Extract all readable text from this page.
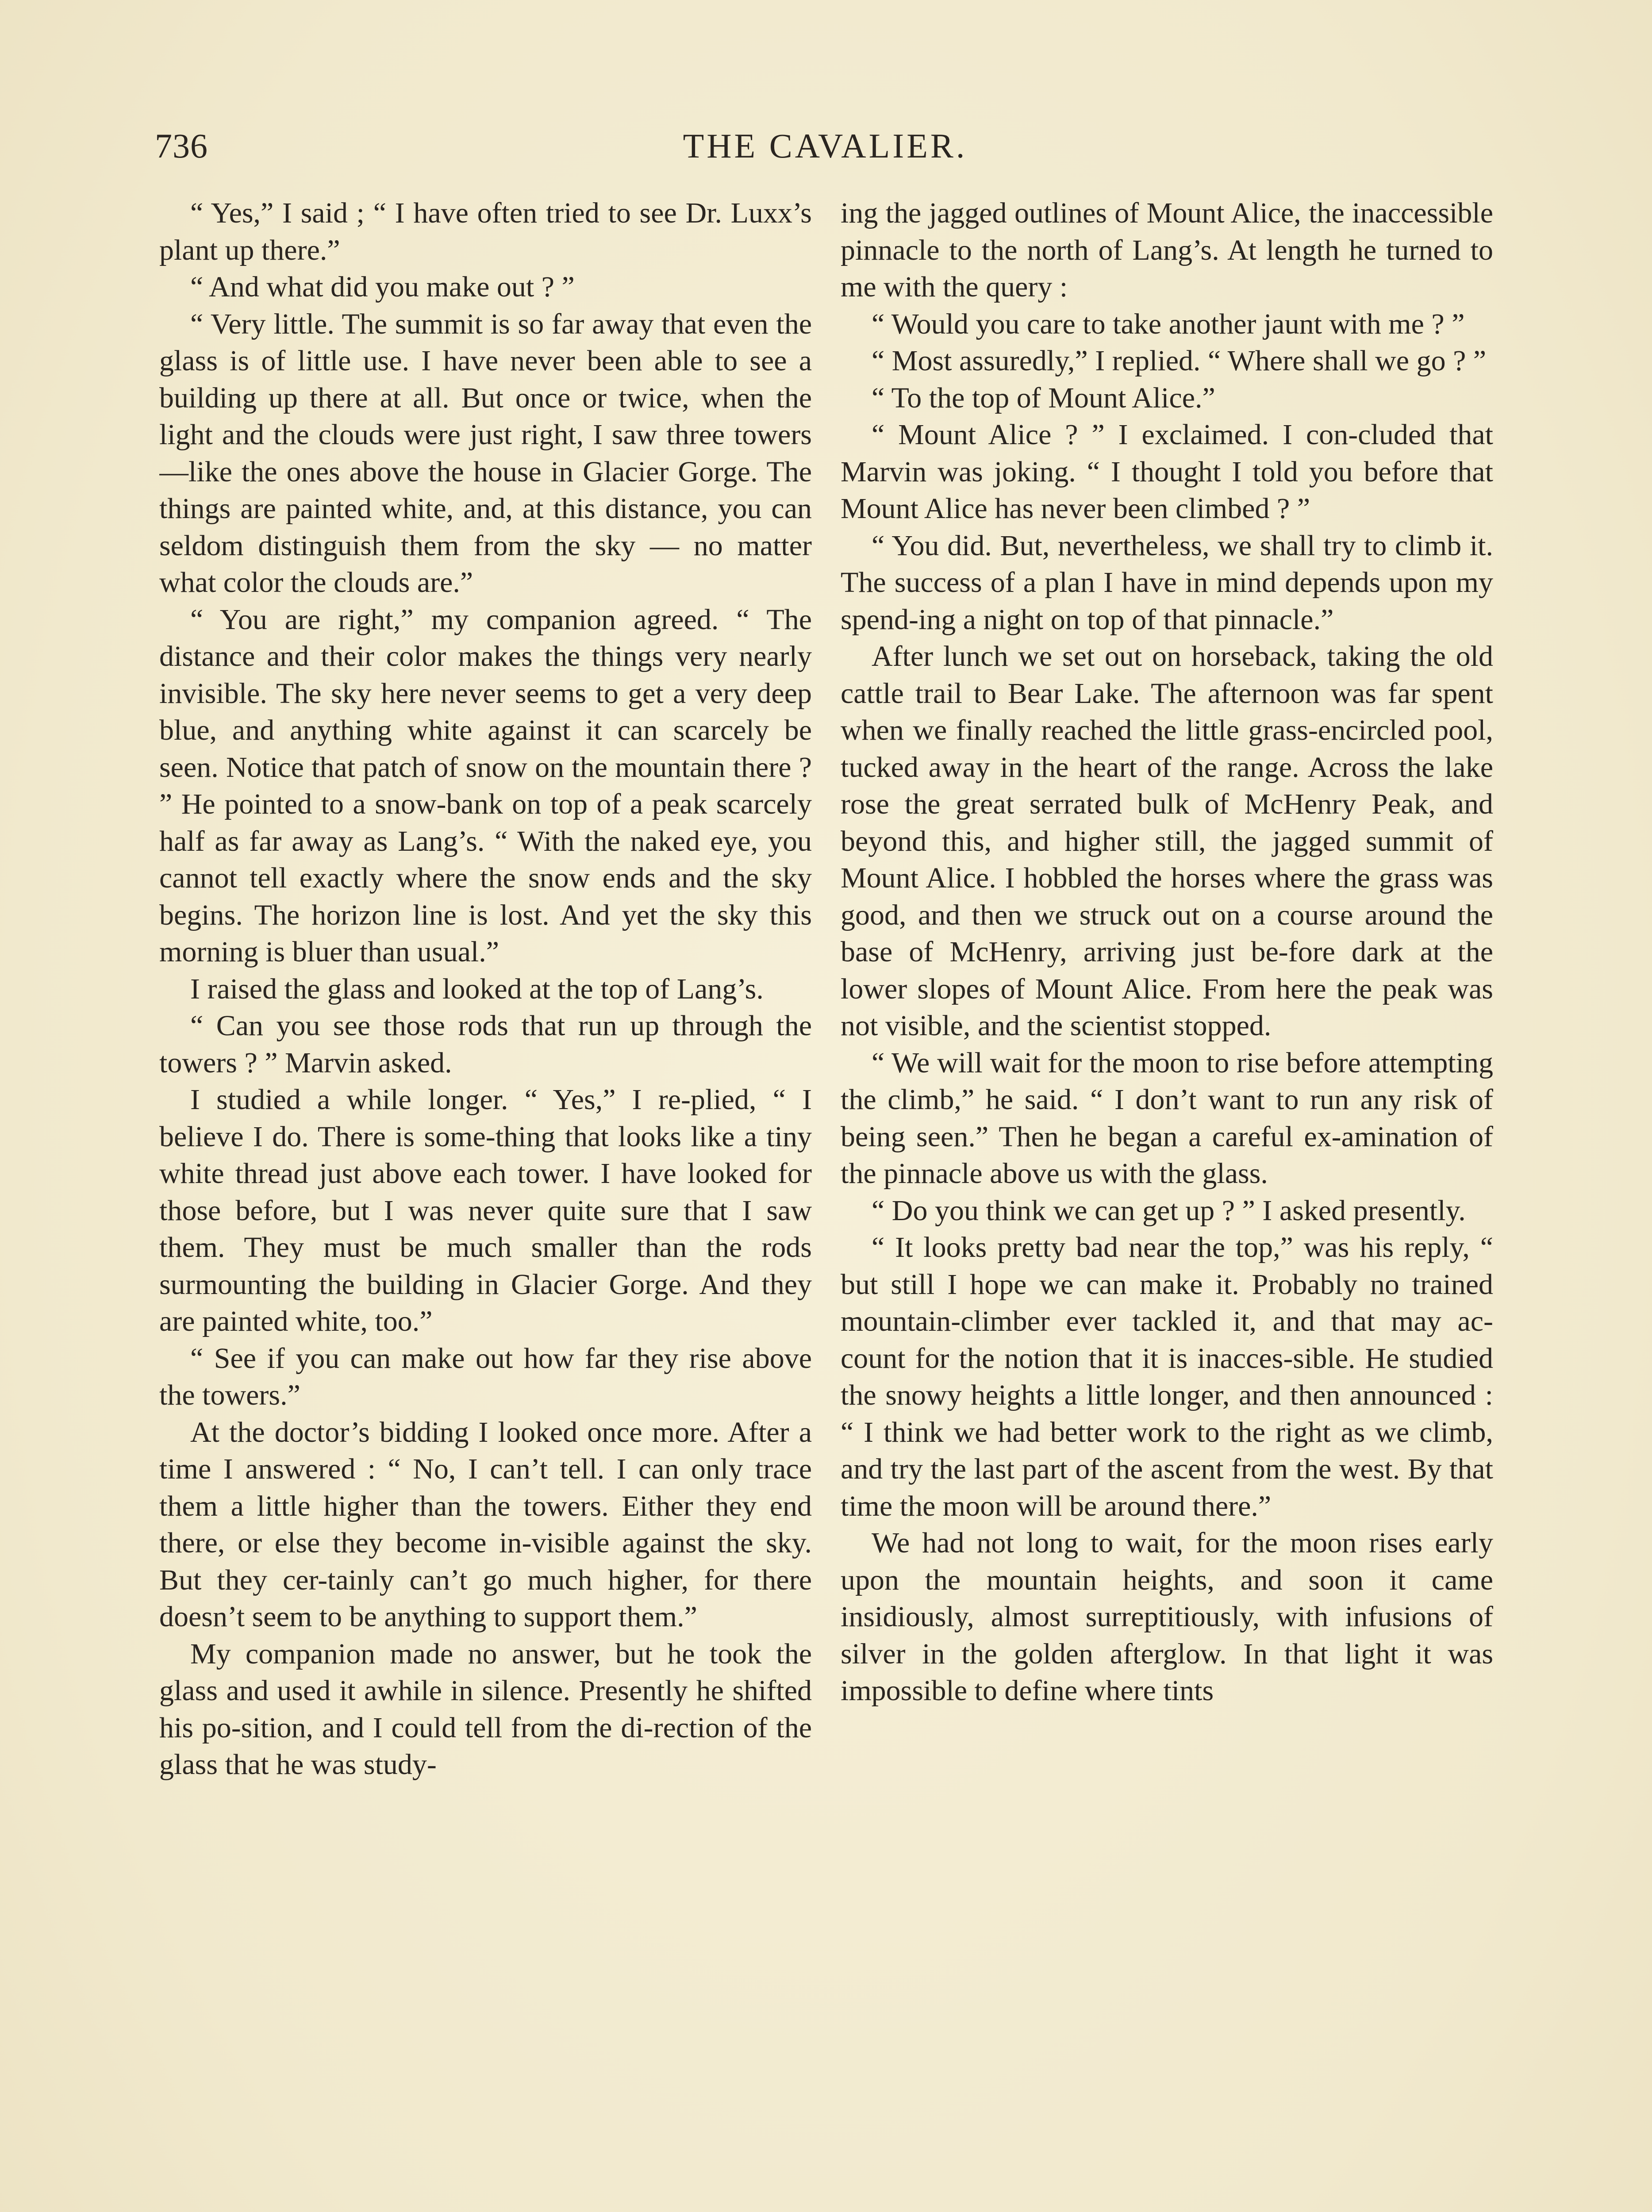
736	THE CAVALIER.

“ Yes,” I said ; “ I have often tried to see Dr. Luxx’s plant up there.”

“ And what did you make out ? ”

“ Very little. The summit is so far away that even the glass is of little use. I have never been able to see a building up there at all. But once or twice, when the light and the clouds were just right, I saw three towers—like the ones above the house in Glacier Gorge. The things are painted white, and, at this distance, you can seldom distinguish them from the sky — no matter what color the clouds are.”

“ You are right,” my companion agreed. “ The distance and their color makes the things very nearly invisible. The sky here never seems to get a very deep blue, and anything white against it can scarcely be seen. Notice that patch of snow on the mountain there ? ” He pointed to a snow-bank on top of a peak scarcely half as far away as Lang’s. “ With the naked eye, you cannot tell exactly where the snow ends and the sky begins. The horizon line is lost. And yet the sky this morning is bluer than usual.”

I raised the glass and looked at the top of Lang’s.

“ Can you see those rods that run up through the towers ? ” Marvin asked.

I studied a while longer. “ Yes,” I re-plied, “ I believe I do. There is some-thing that looks like a tiny white thread just above each tower. I have looked for those before, but I was never quite sure that I saw them. They must be much smaller than the rods surmounting the building in Glacier Gorge. And they are painted white, too.”

“ See if you can make out how far they rise above the towers.”

At the doctor’s bidding I looked once more. After a time I answered : “ No, I can’t tell. I can only trace them a little higher than the towers. Either they end there, or else they become in-visible against the sky. But they cer-tainly can’t go much higher, for there doesn’t seem to be anything to support them.”

My companion made no answer, but he took the glass and used it awhile in silence. Presently he shifted his po-sition, and I could tell from the di-rection of the glass that he was study-

ing the jagged outlines of Mount Alice, the inaccessible pinnacle to the north of Lang’s. At length he turned to me with the query :

“ Would you care to take another jaunt with me ? ”

“ Most assuredly,” I replied. “ Where shall we go ? ”

“ To the top of Mount Alice.”

“ Mount Alice ? ” I exclaimed. I con-cluded that Marvin was joking. “ I thought I told you before that Mount Alice has never been climbed ? ”

“ You did. But, nevertheless, we shall try to climb it. The success of a plan I have in mind depends upon my spend-ing a night on top of that pinnacle.”

After lunch we set out on horseback, taking the old cattle trail to Bear Lake. The afternoon was far spent when we finally reached the little grass-encircled pool, tucked away in the heart of the range. Across the lake rose the great serrated bulk of McHenry Peak, and beyond this, and higher still, the jagged summit of Mount Alice. I hobbled the horses where the grass was good, and then we struck out on a course around the base of McHenry, arriving just be-fore dark at the lower slopes of Mount Alice. From here the peak was not visible, and the scientist stopped.

“ We will wait for the moon to rise before attempting the climb,” he said. “ I don’t want to run any risk of being seen.” Then he began a careful ex-amination of the pinnacle above us with the glass.

“ Do you think we can get up ? ” I asked presently.

“ It looks pretty bad near the top,” was his reply, “ but still I hope we can make it. Probably no trained mountain-climber ever tackled it, and that may ac-count for the notion that it is inacces-sible. He studied the snowy heights a little longer, and then announced : “ I think we had better work to the right as we climb, and try the last part of the ascent from the west. By that time the moon will be around there.”

We had not long to wait, for the moon rises early upon the mountain heights, and soon it came insidiously, almost surreptitiously, with infusions of silver in the golden afterglow. In that light it was impossible to define where tints
